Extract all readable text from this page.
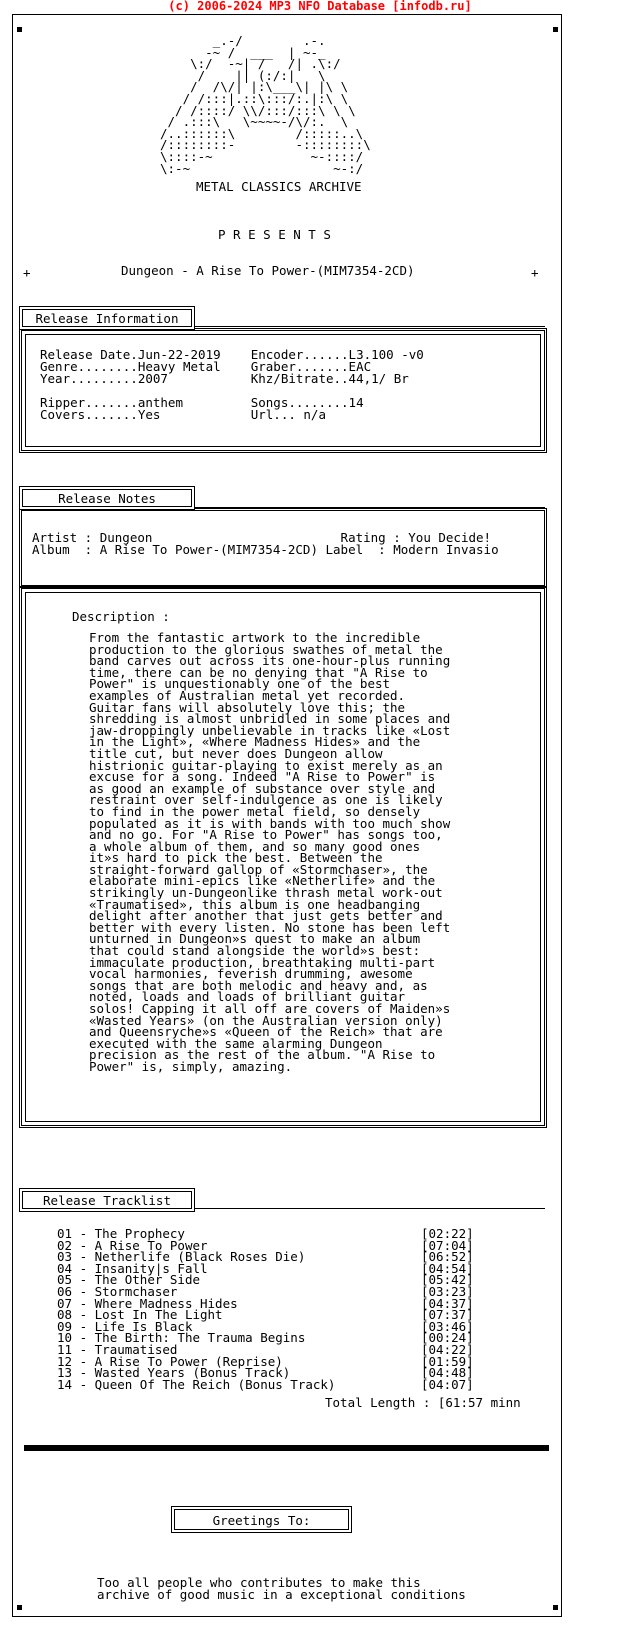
(c) 2006-2024 MP3 NFO Database [infodb.ru]
_.-/        .-.
-~ /  ___  | ~-_
\:/  -~| /   /| .\:/
/    || (:/:|   \
/  /\/| |:\___\| |\ \
/ /:::|.::\:::/:.|:\ \
/ /::::/ \\/:::/:::\ \ \
/ .:::\   \~~~~-/\/:.  \
/..::::::\        /:::::..\
/::::::::-        -::::::::\
\::::-~             ~-::::/
\:-~                   ~-:/
METAL CLASSICS ARCHIVE
P R E S E N T S
+	Dungeon - A Rise To Power-(MIM7354-2CD)	+
Release Information
Release Date.Jun-22-2019    Encoder......L3.100 -v0
Genre........Heavy Metal    Graber.......EAC
Year.........2007           Khz/Bitrate..44,1/ Br
Ripper.......anthem         Songs........14
Covers.......Yes            Url... n/a
Release Notes
Artist : Dungeon                         Rating : You Decide!
Album  : A Rise To Power-(MIM7354-2CD) Label  : Modern Invasio
Description :
From the fantastic artwork to the incredible
production to the glorious swathes of metal the
band carves out across its one-hour-plus running
time, there can be no denying that "A Rise to
Power" is unquestionably one of the best
examples of Australian metal yet recorded.
Guitar fans will absolutely love this; the
shredding is almost unbridled in some places and
jaw-droppingly unbelievable in tracks like «Lost
in the Light», «Where Madness Hides» and the
title cut, but never does Dungeon allow
histrionic guitar-playing to exist merely as an
excuse for a song. Indeed "A Rise to Power" is
as good an example of substance over style and
restraint over self-indulgence as one is likely
to find in the power metal field, so densely
populated as it is with bands with too much show
and no go. For "A Rise to Power" has songs too,
a whole album of them, and so many good ones
it»s hard to pick the best. Between the
straight-forward gallop of «Stormchaser», the
elaborate mini-epics like «Netherlife» and the
strikingly un-Dungeonlike thrash metal work-out
«Traumatised», this album is one headbanging
delight after another that just gets better and
better with every listen. No stone has been left
unturned in Dungeon»s quest to make an album
that could stand alongside the world»s best:
immaculate production, breathtaking multi-part
vocal harmonies, feverish drumming, awesome
songs that are both melodic and heavy and, as
noted, loads and loads of brilliant guitar
solos! Capping it all off are covers of Maiden»s
«Wasted Years» (on the Australian version only)
and Queensryche»s «Queen of the Reich» that are
executed with the same alarming Dungeon
precision as the rest of the album. "A Rise to
Power" is, simply, amazing.
Release Tracklist
01 - The Prophecy	[02:22]
02 - A Rise To Power	[07:04]
03 - Netherlife (Black Roses Die)	[06:52]
04 - Insanity|s Fall	[04:54]
05 - The Other Side	[05:42]
06 - Stormchaser	[03:23]
07 - Where Madness Hides	[04:37]
08 - Lost In The Light	[07:37]
09 - Life Is Black	[03:46]
10 - The Birth: The Trauma Begins	[00:24]
11 - Traumatised	[04:22]
12 - A Rise To Power (Reprise)	[01:59]
13 - Wasted Years (Bonus Track)	[04:48]
14 - Queen Of The Reich (Bonus Track)	[04:07]
Total Length : [61:57 minn
Greetings To:
Too all people who contributes to make this
archive of good music in a exceptional conditions
